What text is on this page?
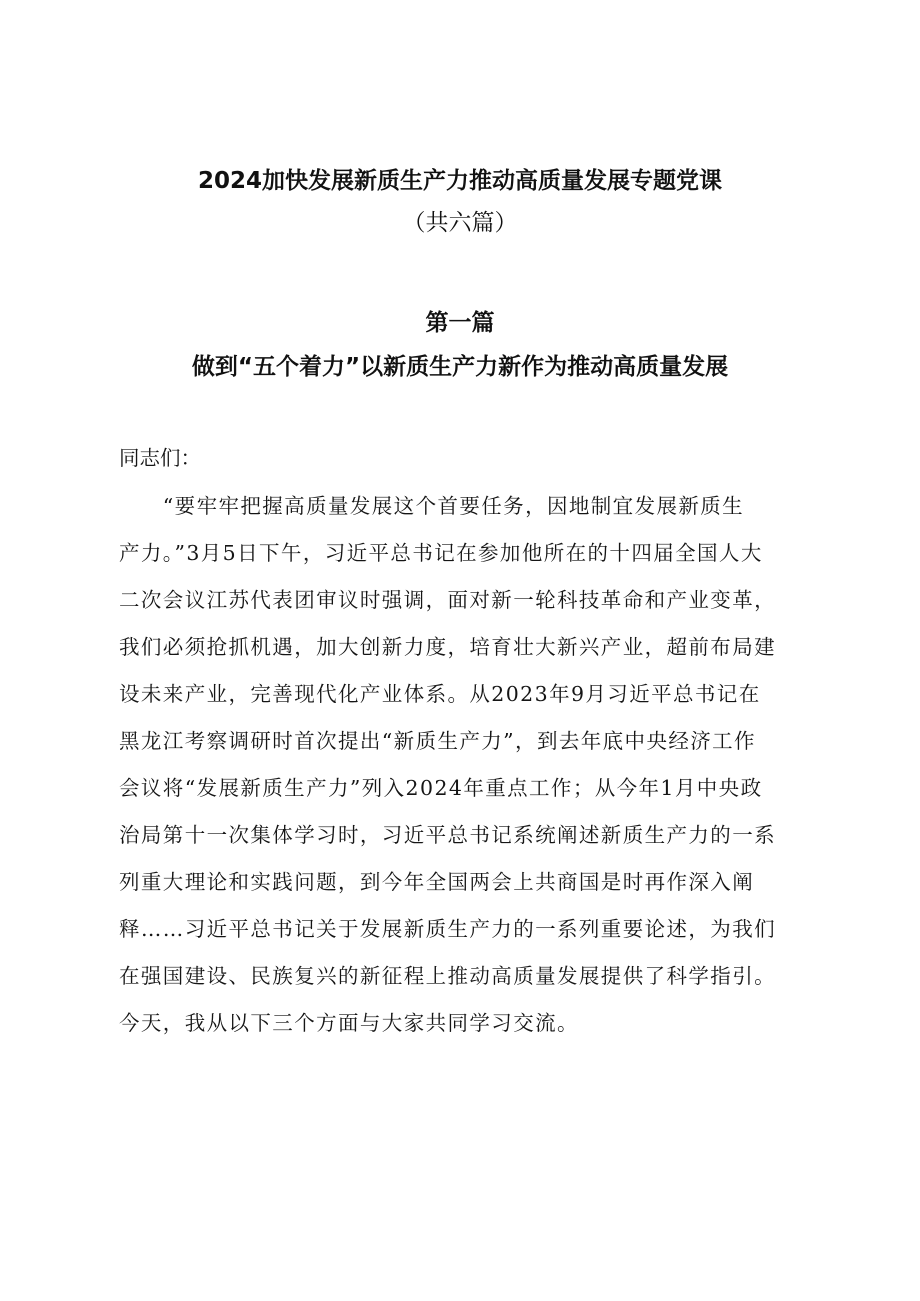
2024加快发展新质生产力推动高质量发展专题党课
（共六篇）
第一篇
做到“五个着力”以新质生产力新作为推动高质量发展

同志们：

　　“要牢牢把握高质量发展这个首要任务，因地制宜发展新质生
产力。”3月5日下午，习近平总书记在参加他所在的十四届全国人大
二次会议江苏代表团审议时强调，面对新一轮科技革命和产业变革，
我们必须抢抓机遇，加大创新力度，培育壮大新兴产业，超前布局建
设未来产业，完善现代化产业体系。从2023年9月习近平总书记在
黑龙江考察调研时首次提出“新质生产力”，到去年底中央经济工作
会议将“发展新质生产力”列入2024年重点工作；从今年1月中央政
治局第十一次集体学习时，习近平总书记系统阐述新质生产力的一系
列重大理论和实践问题，到今年全国两会上共商国是时再作深入阐
释……习近平总书记关于发展新质生产力的一系列重要论述，为我们
在强国建设、民族复兴的新征程上推动高质量发展提供了科学指引。
今天，我从以下三个方面与大家共同学习交流。
